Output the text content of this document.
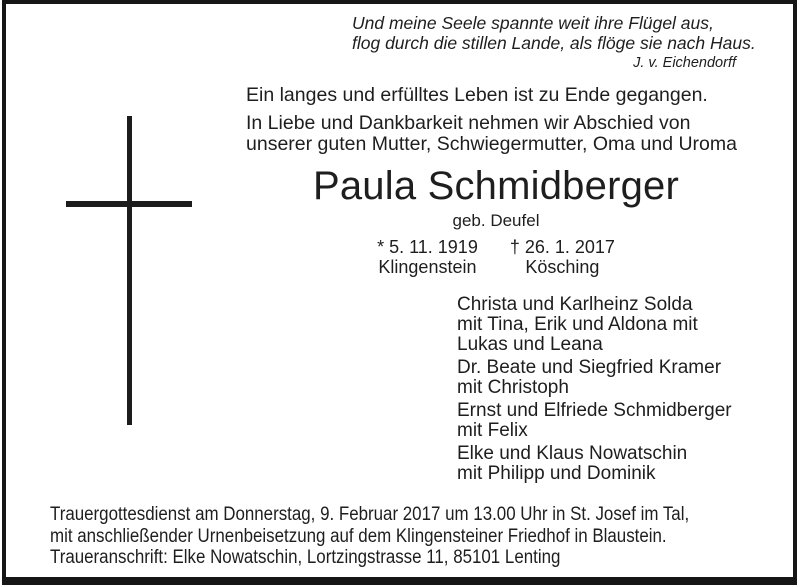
Und meine Seele spannte weit ihre Flügel aus,
flog durch die stillen Lande, als flöge sie nach Haus.
J. v. Eichendorff
Ein langes und erfülltes Leben ist zu Ende gegangen.
In Liebe und Dankbarkeit nehmen wir Abschied von
unserer guten Mutter, Schwiegermutter, Oma und Uroma
Paula Schmidberger
geb. Deufel
* 5. 11. 1919
Klingenstein
† 26. 1. 2017
Kösching
Christa und Karlheinz Solda
mit Tina, Erik und Aldona mit
Lukas und Leana
Dr. Beate und Siegfried Kramer
mit Christoph
Ernst und Elfriede Schmidberger
mit Felix
Elke und Klaus Nowatschin
mit Philipp und Dominik
Trauergottesdienst am Donnerstag, 9. Februar 2017 um 13.00 Uhr in St. Josef im Tal,
mit anschließender Urnenbeisetzung auf dem Klingensteiner Friedhof in Blaustein.
Traueranschrift: Elke Nowatschin, Lortzingstrasse 11, 85101 Lenting
